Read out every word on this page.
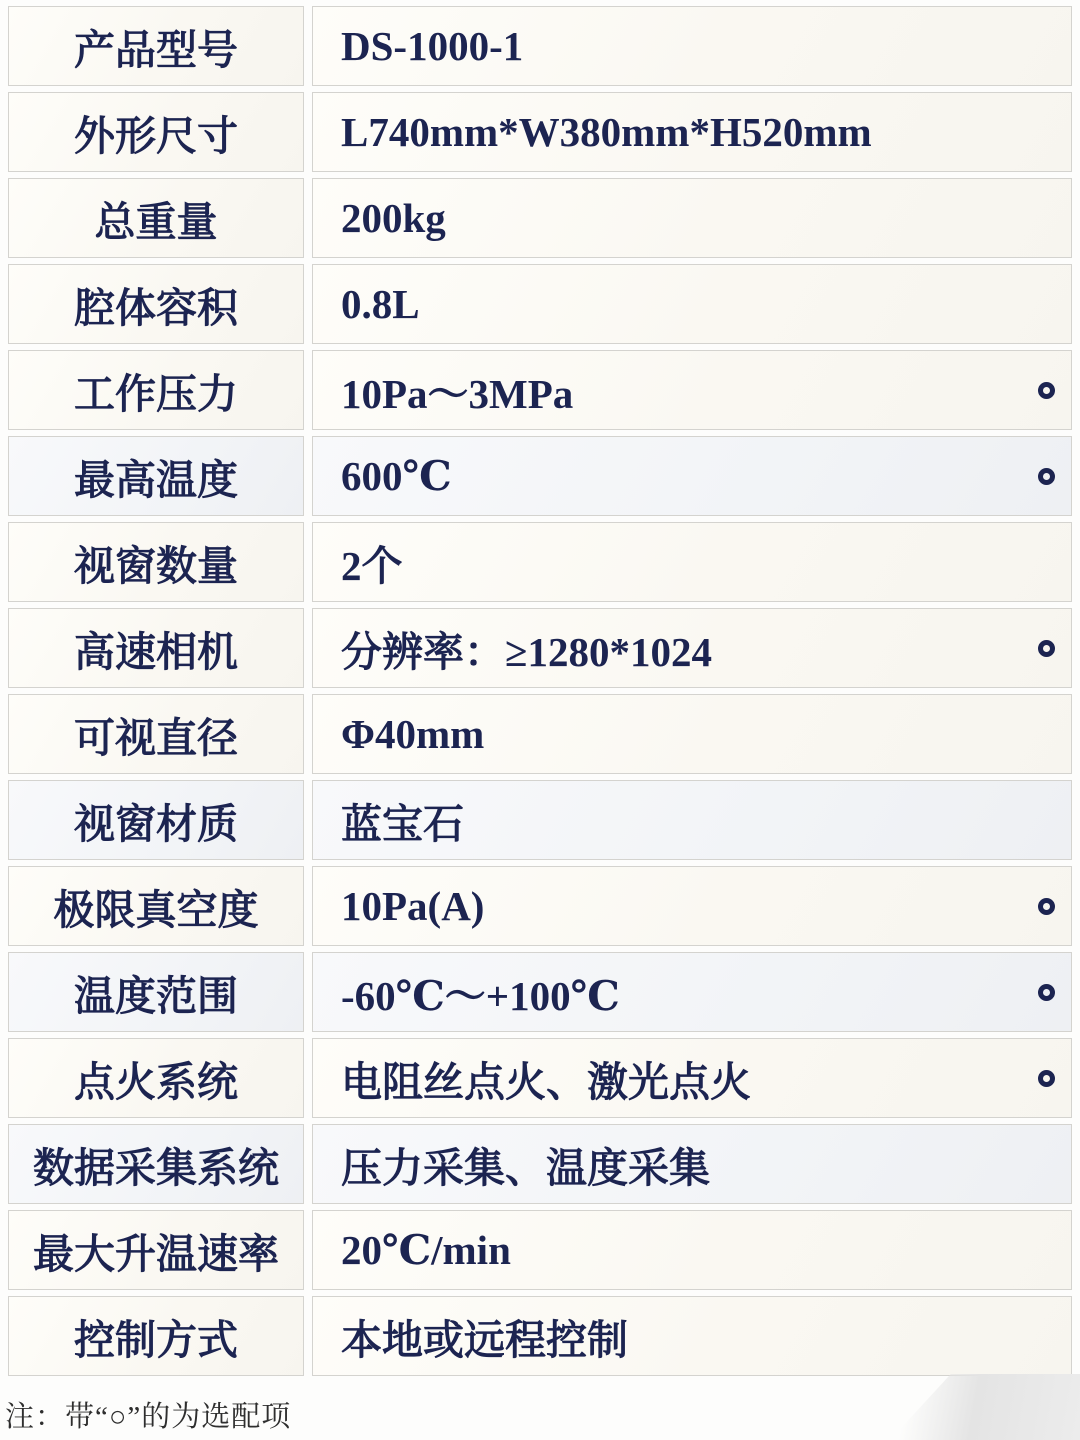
产品型号	DS-1000-1
外形尺寸	L740mm*W380mm*H520mm
总重量	200kg
腔体容积	0.8L
工作压力	10Pa～3MPa
最高温度	600℃
视窗数量	2个
高速相机	分辨率：≥1280*1024
可视直径	Φ40mm
视窗材质	蓝宝石
极限真空度 10Pa(A)
温度范围	-60℃～+100℃
点火系统	电阻丝点火、激光点火
数据采集系统 压力采集、温度采集
最大升温速率 20℃/min
控制方式	本地或远程控制
注：带“○”的为选配项
